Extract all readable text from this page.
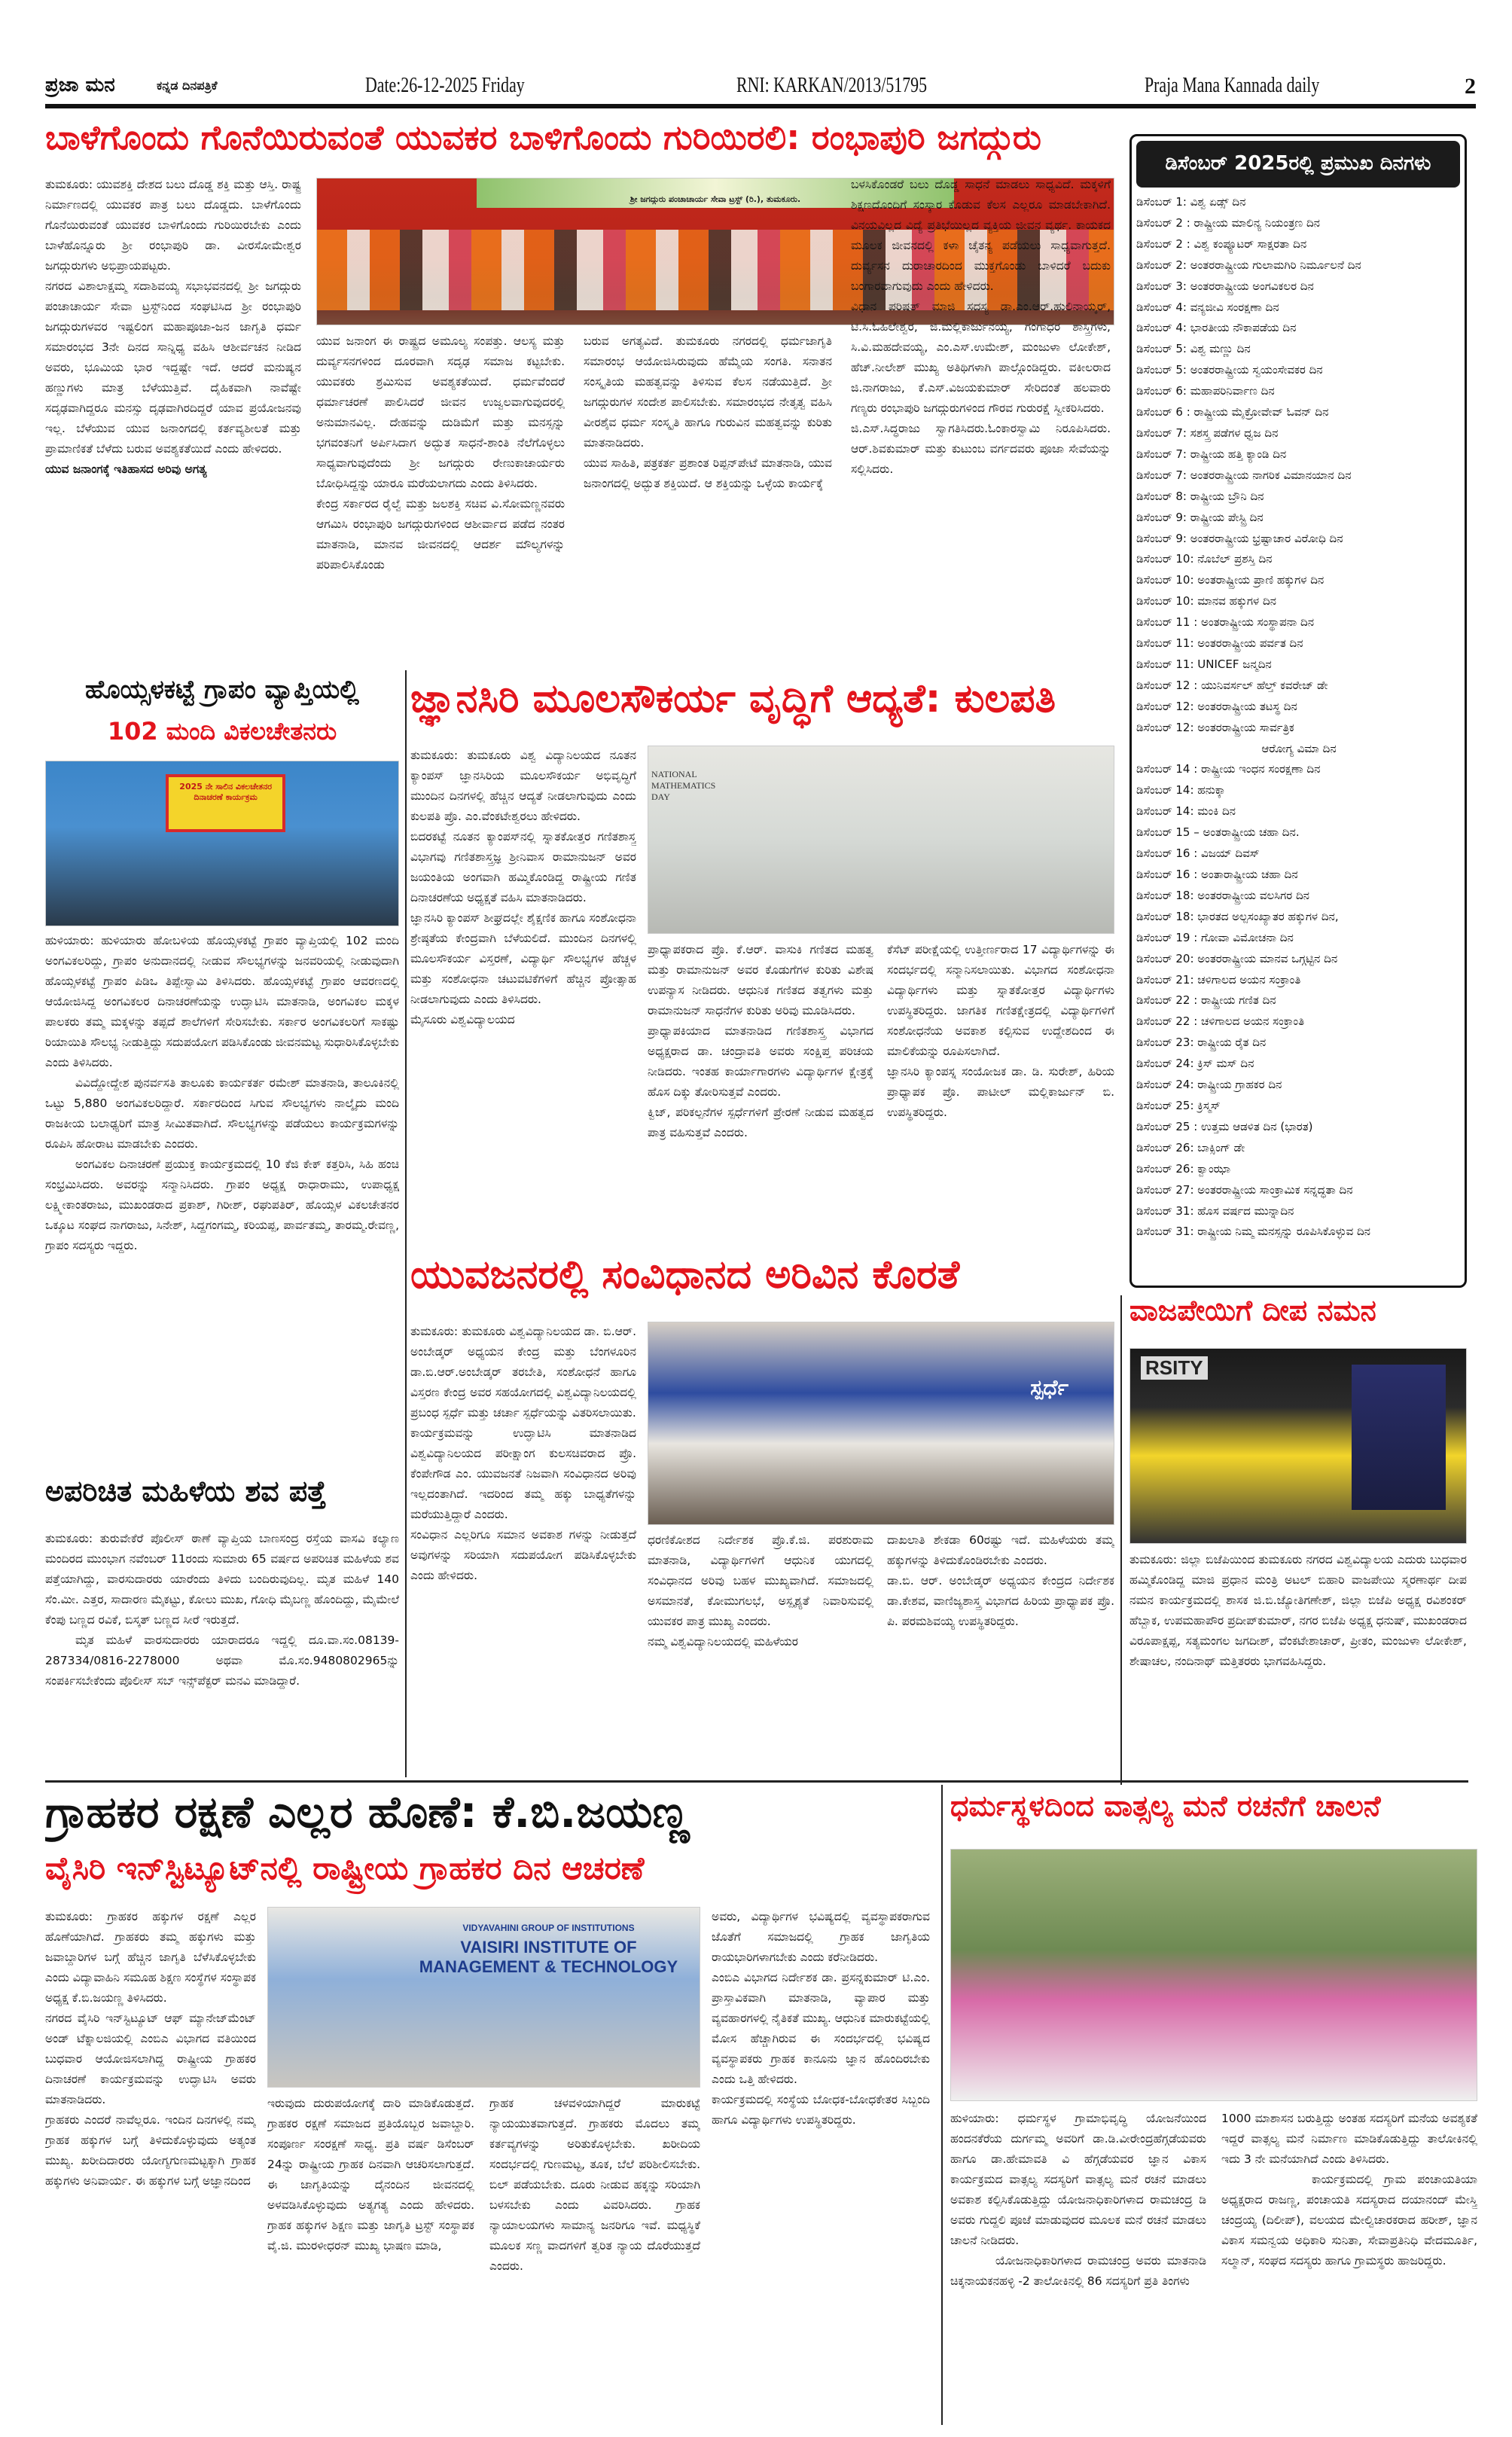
ಪ್ರಜಾ ಮನ	ಕನ್ನಡ ದಿನಪತ್ರಿಕೆ	Date:26-12-2025 Friday	RNI: KARKAN/2013/51795	Praja Mana Kannada daily	2
ಬಾಳೆಗೊಂದು ಗೊನೆಯಿರುವಂತೆ ಯುವಕರ ಬಾಳಿಗೊಂದು ಗುರಿಯಿರಲಿ: ರಂಭಾಪುರಿ ಜಗದ್ಗುರು

ತುಮಕೂರು: ಯುವಶಕ್ತಿ ದೇಶದ ಬಲು ದೊಡ್ಡ ಶಕ್ತಿ ಮತ್ತು ಆಸ್ತಿ. ರಾಷ್ಟ್ರ ನಿರ್ಮಾಣದಲ್ಲಿ ಯುವಕರ ಪಾತ್ರ ಬಲು ದೊಡ್ಡದು. ಬಾಳೆಗೊಂದು ಗೊನೆಯಿರುವಂತೆ ಯುವಕರ ಬಾಳಿಗೊಂದು ಗುರಿಯಿರಬೇಕು ಎಂದು ಬಾಳೆಹೊನ್ನೂರು ಶ್ರೀ ರಂಭಾಪುರಿ ಡಾ. ವೀರಸೋಮೇಶ್ವರ ಜಗದ್ಗುರುಗಳು ಅಭಿಪ್ರಾಯಪಟ್ಟರು.

ನಗರದ ವಿಶಾಲಾಕ್ಷಮ್ಮ ಸದಾಶಿವಯ್ಯ ಸಭಾಭವನದಲ್ಲಿ ಶ್ರೀ ಜಗದ್ಗುರು ಪಂಚಾಚಾರ್ಯ ಸೇವಾ ಟ್ರಸ್ಟ್‌ನಿಂದ ಸಂಘಟಿಸಿದ ಶ್ರೀ ರಂಭಾಪುರಿ ಜಗದ್ಗುರುಗಳವರ ಇಷ್ಟಲಿಂಗ ಮಹಾಪೂಜಾ-ಜನ ಜಾಗೃತಿ ಧರ್ಮ ಸಮಾರಂಭದ 3ನೇ ದಿನದ ಸಾನ್ನಿಧ್ಯ ವಹಿಸಿ ಆಶೀರ್ವಚನ ನೀಡಿದ ಅವರು, ಭೂಮಿಯ ಭಾರ ಇದ್ದಷ್ಟೇ ಇದೆ. ಆದರೆ ಮನುಷ್ಯನ ಹಣ್ಣುಗಳು ಮಾತ್ರ ಬೆಳೆಯುತ್ತಿವೆ. ದೈಹಿಕವಾಗಿ ನಾವೆಷ್ಟೇ ಸದೃಢವಾಗಿದ್ದರೂ ಮನಸ್ಸು ದೃಢವಾಗಿರದಿದ್ದರೆ ಯಾವ ಪ್ರಯೋಜನವು ಇಲ್ಲ. ಬೆಳೆಯುವ ಯುವ ಜನಾಂಗದಲ್ಲಿ ಕರ್ತವ್ಯಶೀಲತೆ ಮತ್ತು ಪ್ರಾಮಾಣಿಕತೆ ಬೆಳೆದು ಬರುವ ಅವಶ್ಯಕತೆಯಿದೆ ಎಂದು ಹೇಳಿದರು.

ಯುವ ಜನಾಂಗಕ್ಕೆ ಇತಿಹಾಸದ ಅರಿವು ಅಗತ್ಯ

ಶ್ರೀ ಜಗದ್ಗುರು ಪಂಚಾಚಾರ್ಯ ಸೇವಾ ಟ್ರಸ್ಟ್ (ರಿ.), ತುಮಕೂರು.

ಯುವ ಜನಾಂಗ ಈ ರಾಷ್ಟ್ರದ ಅಮೂಲ್ಯ ಸಂಪತ್ತು. ಆಲಸ್ಯ ಮತ್ತು ದುರ್ವ್ಯಸನಗಳಿಂದ ದೂರವಾಗಿ ಸದೃಢ ಸಮಾಜ ಕಟ್ಟಬೇಕು. ಯುವಕರು ಶ್ರಮಿಸುವ ಅವಶ್ಯಕತೆಯಿದೆ. ಧರ್ಮವೆಂದರೆ ಧರ್ಮಾಚರಣೆ ಪಾಲಿಸಿದರೆ ಜೀವನ ಉಜ್ವಲವಾಗುವುದರಲ್ಲಿ ಅನುಮಾನವಿಲ್ಲ. ದೇಹವನ್ನು ದುಡಿಮೆಗೆ ಮತ್ತು ಮನಸ್ಸನ್ನು ಭಗವಂತನಿಗೆ ಅರ್ಪಿಸಿದಾಗ ಅದ್ಭುತ ಸಾಧನೆ-ಶಾಂತಿ ನೆಲೆಗೊಳ್ಳಲು ಸಾಧ್ಯವಾಗುವುದೆಂದು ಶ್ರೀ ಜಗದ್ಗುರು ರೇಣುಕಾಚಾರ್ಯರು ಬೋಧಿಸಿದ್ದನ್ನು ಯಾರೂ ಮರೆಯಲಾಗದು ಎಂದು ತಿಳಿಸಿದರು.

ಕೇಂದ್ರ ಸರ್ಕಾರದ ರೈಲ್ವೆ ಮತ್ತು ಜಲಶಕ್ತಿ ಸಚಿವ ವಿ.ಸೋಮಣ್ಣನವರು ಆಗಮಿಸಿ ರಂಭಾಪುರಿ ಜಗದ್ಗುರುಗಳಿಂದ ಆಶೀರ್ವಾದ ಪಡೆದ ನಂತರ ಮಾತನಾಡಿ, ಮಾನವ ಜೀವನದಲ್ಲಿ ಆದರ್ಶ ಮೌಲ್ಯಗಳನ್ನು ಪರಿಪಾಲಿಸಿಕೊಂಡು

ಬರುವ ಅಗತ್ಯವಿದೆ. ತುಮಕೂರು ನಗರದಲ್ಲಿ ಧರ್ಮಜಾಗೃತಿ ಸಮಾರಂಭ ಆಯೋಜಿಸಿರುವುದು ಹೆಮ್ಮೆಯ ಸಂಗತಿ. ಸನಾತನ ಸಂಸ್ಕೃತಿಯ ಮಹತ್ವವನ್ನು ತಿಳಿಸುವ ಕೆಲಸ ನಡೆಯುತ್ತಿದೆ. ಶ್ರೀ ಜಗದ್ಗುರುಗಳ ಸಂದೇಶ ಪಾಲಿಸಬೇಕು. ಸಮಾರಂಭದ ನೇತೃತ್ವ ವಹಿಸಿ ವೀರಶೈವ ಧರ್ಮ ಸಂಸ್ಕೃತಿ ಹಾಗೂ ಗುರುವಿನ ಮಹತ್ವವನ್ನು ಕುರಿತು ಮಾತನಾಡಿದರು.

ಯುವ ಸಾಹಿತಿ, ಪತ್ರಕರ್ತ ಪ್ರಶಾಂತ ರಿಪ್ಪನ್‌ಪೇಟೆ ಮಾತನಾಡಿ, ಯುವ ಜನಾಂಗದಲ್ಲಿ ಅದ್ಭುತ ಶಕ್ತಿಯಿದೆ. ಆ ಶಕ್ತಿಯನ್ನು ಒಳ್ಳೆಯ ಕಾರ್ಯಕ್ಕೆ

ಬಳಸಿಕೊಂಡರೆ ಬಲು ದೊಡ್ಡ ಸಾಧನೆ ಮಾಡಲು ಸಾಧ್ಯವಿದೆ. ಮಕ್ಕಳಿಗೆ ಶಿಕ್ಷಣದೊಂದಿಗೆ ಸಂಸ್ಕಾರ ಕೊಡುವ ಕೆಲಸ ಎಲ್ಲರೂ ಮಾಡಬೇಕಾಗಿದೆ. ವಿನಯವಿಲ್ಲದ ವಿದ್ಯೆ ಪ್ರತಿಭೆಯಿಲ್ಲದ ವ್ಯಕ್ತಿಯ ಜೀವನ ವ್ಯರ್ಥ. ಕಾಯಕದ ಮೂಲಕ ಜೀವನದಲ್ಲಿ ಕಳಾ ಚೈತನ್ಯ ಪಡೆಯಲು ಸಾಧ್ಯವಾಗುತ್ತದೆ. ದುರ್ವ್ಯಸನ ದುರಾಚಾರದಿಂದ ಮುಕ್ತಗೊಂಡು ಬಾಳಿದರೆ ಬದುಕು ಬಂಗಾರವಾಗುವುದು ಎಂದು ಹೇಳಿದರು.

ವಿಧಾನ ಪರಿಷತ್ ಮಾಜಿ ಸದಸ್ಯ ಡಾ.ಎಂ.ಆರ್.ಹುಲಿನಾಯ್ಕರ್, ಟಿ.ಸಿ.ಓಹಿಲೇಶ್ವರ, ಜಿ.ಮಲ್ಲಿಕಾರ್ಜುನಯ್ಯ, ಗಂಗಾಧರ ಶಾಸ್ತ್ರಿಗಳು, ಸಿ.ವಿ.ಮಹದೇವಯ್ಯ, ಎಂ.ಎಸ್.ಉಮೇಶ್, ಮಂಜುಳಾ ಲೋಕೇಶ್, ಹೆಚ್.ನೀಲೇಶ್ ಮುಖ್ಯ ಅತಿಥಿಗಳಾಗಿ ಪಾಲ್ಗೊಂಡಿದ್ದರು. ವಕೀಲರಾದ ಜಿ.ನಾಗರಾಜು, ಕೆ.ಎಸ್.ವಿಜಯಕುಮಾರ್ ಸೇರಿದಂತೆ ಹಲವಾರು ಗಣ್ಯರು ರಂಭಾಪುರಿ ಜಗದ್ಗುರುಗಳಿಂದ ಗೌರವ ಗುರುರಕ್ಷೆ ಸ್ವೀಕರಿಸಿದರು.

ಜಿ.ಎಸ್.ಸಿದ್ಧರಾಜು ಸ್ವಾಗತಿಸಿದರು.ಓಂಕಾರಸ್ವಾಮಿ ನಿರೂಪಿಸಿದರು. ಆರ್.ಶಿವಕುಮಾರ್ ಮತ್ತು ಕುಟುಂಬ ವರ್ಗದವರು ಪೂಜಾ ಸೇವೆಯನ್ನು ಸಲ್ಲಿಸಿದರು.

ಡಿಸೆಂಬರ್ 2025ರಲ್ಲಿ ಪ್ರಮುಖ ದಿನಗಳು
ಡಿಸೆಂಬರ್ 1: ವಿಶ್ವ ಏಡ್ಸ್ ದಿನ
ಡಿಸೆಂಬರ್ 2 : ರಾಷ್ಟ್ರೀಯ ಮಾಲಿನ್ಯ ನಿಯಂತ್ರಣ ದಿನ
ಡಿಸೆಂಬರ್ 2 : ವಿಶ್ವ ಕಂಪ್ಯೂಟರ್ ಸಾಕ್ಷರತಾ ದಿನ
ಡಿಸೆಂಬರ್ 2: ಅಂತರರಾಷ್ಟ್ರೀಯ ಗುಲಾಮಗಿರಿ ನಿರ್ಮೂಲನೆ ದಿನ
ಡಿಸೆಂಬರ್ 3: ಅಂತರರಾಷ್ಟ್ರೀಯ ಅಂಗವಿಕಲರ ದಿನ
ಡಿಸೆಂಬರ್ 4: ವನ್ಯಜೀವಿ ಸಂರಕ್ಷಣಾ ದಿನ
ಡಿಸೆಂಬರ್ 4: ಭಾರತೀಯ ನೌಕಾಪಡೆಯ ದಿನ
ಡಿಸೆಂಬರ್ 5: ವಿಶ್ವ ಮಣ್ಣು ದಿನ
ಡಿಸೆಂಬರ್ 5: ಅಂತರರಾಷ್ಟ್ರೀಯ ಸ್ವಯಂಸೇವಕರ ದಿನ
ಡಿಸೆಂಬರ್ 6: ಮಹಾಪರಿನಿರ್ವಾಣ ದಿನ
ಡಿಸೆಂಬರ್ 6 : ರಾಷ್ಟ್ರೀಯ ಮೈಕ್ರೋವೇವ್ ಓವನ್ ದಿನ
ಡಿಸೆಂಬರ್ 7: ಸಶಸ್ತ್ರ ಪಡೆಗಳ ಧ್ವಜ ದಿನ
ಡಿಸೆಂಬರ್ 7: ರಾಷ್ಟ್ರೀಯ ಹತ್ತಿ ಕ್ಯಾಂಡಿ ದಿನ
ಡಿಸೆಂಬರ್ 7: ಅಂತರರಾಷ್ಟ್ರೀಯ ನಾಗರಿಕ ವಿಮಾನಯಾನ ದಿನ
ಡಿಸೆಂಬರ್ 8: ರಾಷ್ಟ್ರೀಯ ಬ್ರೌನಿ ದಿನ
ಡಿಸೆಂಬರ್ 9: ರಾಷ್ಟ್ರೀಯ ಪೇಸ್ಟ್ರಿ ದಿನ
ಡಿಸೆಂಬರ್ 9: ಅಂತರರಾಷ್ಟ್ರೀಯ ಭ್ರಷ್ಟಾಚಾರ ವಿರೋಧಿ ದಿನ
ಡಿಸೆಂಬರ್ 10: ನೊಬೆಲ್ ಪ್ರಶಸ್ತಿ ದಿನ
ಡಿಸೆಂಬರ್ 10: ಅಂತರಾಷ್ಟ್ರೀಯ ಪ್ರಾಣಿ ಹಕ್ಕುಗಳ ದಿನ
ಡಿಸೆಂಬರ್ 10: ಮಾನವ ಹಕ್ಕುಗಳ ದಿನ
ಡಿಸೆಂಬರ್ 11 : ಅಂತರಾಷ್ಟ್ರೀಯ ಸಂಸ್ಥಾಪನಾ ದಿನ
ಡಿಸೆಂಬರ್ 11: ಅಂತರರಾಷ್ಟ್ರೀಯ ಪರ್ವತ ದಿನ
ಡಿಸೆಂಬರ್ 11: UNICEF ಜನ್ಮದಿನ
ಡಿಸೆಂಬರ್ 12 : ಯುನಿವರ್ಸಲ್ ಹೆಲ್ತ್ ಕವರೇಜ್ ಡೇ
ಡಿಸೆಂಬರ್ 12: ಅಂತರರಾಷ್ಟ್ರೀಯ ತಟಸ್ಥ ದಿನ
ಡಿಸೆಂಬರ್ 12: ಅಂತರರಾಷ್ಟ್ರೀಯ ಸಾರ್ವತ್ರಿಕ
ಆರೋಗ್ಯ ವಿಮಾ ದಿನ
ಡಿಸೆಂಬರ್ 14 : ರಾಷ್ಟ್ರೀಯ ಇಂಧನ ಸಂರಕ್ಷಣಾ ದಿನ
ಡಿಸೆಂಬರ್ 14: ಹನುಕ್ಕಾ
ಡಿಸೆಂಬರ್ 14: ಮಂಕಿ ದಿನ
ಡಿಸೆಂಬರ್ 15 – ಅಂತರಾಷ್ಟ್ರೀಯ ಚಹಾ ದಿನ.
ಡಿಸೆಂಬರ್ 16 : ವಿಜಯ್ ದಿವಸ್
ಡಿಸೆಂಬರ್ 16 : ಅಂತಾರಾಷ್ಟ್ರೀಯ ಚಹಾ ದಿನ
ಡಿಸೆಂಬರ್ 18: ಅಂತರರಾಷ್ಟ್ರೀಯ ವಲಸಿಗರ ದಿನ
ಡಿಸೆಂಬರ್ 18: ಭಾರತದ ಅಲ್ಪಸಂಖ್ಯಾತರ ಹಕ್ಕುಗಳ ದಿನ,
ಡಿಸೆಂಬರ್ 19 : ಗೋವಾ ವಿಮೋಚನಾ ದಿನ
ಡಿಸೆಂಬರ್ 20: ಅಂತರರಾಷ್ಟ್ರೀಯ ಮಾನವ ಒಗ್ಗಟ್ಟಿನ ದಿನ
ಡಿಸೆಂಬರ್ 21: ಚಳಿಗಾಲದ ಅಯನ ಸಂಕ್ರಾಂತಿ
ಡಿಸೆಂಬರ್ 22 : ರಾಷ್ಟ್ರೀಯ ಗಣಿತ ದಿನ
ಡಿಸೆಂಬರ್ 22 : ಚಳಿಗಾಲದ ಅಯನ ಸಂಕ್ರಾಂತಿ
ಡಿಸೆಂಬರ್ 23: ರಾಷ್ಟ್ರೀಯ ರೈತ ದಿನ
ಡಿಸೆಂಬರ್ 24: ಕ್ರಿಸ್ ಮಸ್ ದಿನ
ಡಿಸೆಂಬರ್ 24: ರಾಷ್ಟ್ರೀಯ ಗ್ರಾಹಕರ ದಿನ
ಡಿಸೆಂಬರ್ 25: ಕ್ರಿಸ್ಮಸ್
ಡಿಸೆಂಬರ್ 25 : ಉತ್ತಮ ಆಡಳಿತ ದಿನ (ಭಾರತ)
ಡಿಸೆಂಬರ್ 26: ಬಾಕ್ಸಿಂಗ್ ಡೇ
ಡಿಸೆಂಬರ್ 26: ಕ್ವಾಂಝಾ
ಡಿಸೆಂಬರ್ 27: ಅಂತರರಾಷ್ಟ್ರೀಯ ಸಾಂಕ್ರಾಮಿಕ ಸನ್ನದ್ಧತಾ ದಿನ
ಡಿಸೆಂಬರ್ 31: ಹೊಸ ವರ್ಷದ ಮುನ್ನಾದಿನ
ಡಿಸೆಂಬರ್ 31: ರಾಷ್ಟ್ರೀಯ ನಿಮ್ಮ ಮನಸ್ಸನ್ನು ರೂಪಿಸಿಕೊಳ್ಳುವ ದಿನ
ಹೊಯ್ಸಳಕಟ್ಟೆ ಗ್ರಾಪಂ ವ್ಯಾಪ್ತಿಯಲ್ಲಿ
102 ಮಂದಿ ವಿಕಲಚೇತನರು
2025 ನೇ ಸಾಲಿನ ವಿಕಲಚೇತನರ ದಿನಾಚರಣೆ ಕಾರ್ಯಕ್ರಮ

ಹುಳಿಯಾರು: ಹುಳಿಯಾರು ಹೋಬಳಿಯ ಹೊಯ್ಸಳಕಟ್ಟೆ ಗ್ರಾಪಂ ವ್ಯಾಪ್ತಿಯಲ್ಲಿ 102 ಮಂದಿ ಅಂಗವಿಕಲರಿದ್ದು, ಗ್ರಾಪಂ ಅನುದಾನದಲ್ಲಿ ನೀಡುವ ಸೌಲಭ್ಯಗಳನ್ನು ಜನವರಿಯಲ್ಲಿ ನೀಡುವುದಾಗಿ ಹೊಯ್ಸಳಕಟ್ಟೆ ಗ್ರಾಪಂ ಪಿಡಿಒ ತಿಪ್ಪೇಸ್ವಾಮಿ ತಿಳಿಸಿದರು. ಹೊಯ್ಸಳಕಟ್ಟೆ ಗ್ರಾಪಂ ಆವರಣದಲ್ಲಿ ಆಯೋಜಿಸಿದ್ದ ಅಂಗವಿಕಲರ ದಿನಾಚರಣೆಯನ್ನು ಉದ್ಘಾಟಿಸಿ ಮಾತನಾಡಿ, ಅಂಗವಿಕಲ ಮಕ್ಕಳ ಪಾಲಕರು ತಮ್ಮ ಮಕ್ಕಳನ್ನು ತಪ್ಪದೆ ಶಾಲೆಗಳಿಗೆ ಸೇರಿಸಬೇಕು. ಸರ್ಕಾರ ಅಂಗವಿಕಲರಿಗೆ ಸಾಕಷ್ಟು ರಿಯಾಯಿತಿ ಸೌಲಭ್ಯ ನೀಡುತ್ತಿದ್ದು ಸದುಪಯೋಗ ಪಡಿಸಿಕೊಂಡು ಜೀವನಮಟ್ಟ ಸುಧಾರಿಸಿಕೊಳ್ಳಬೇಕು ಎಂದು ತಿಳಿಸಿದರು.

ವಿವಿದ್ದೋದ್ದೇಶ ಪುನರ್ವಸತಿ ತಾಲೂಕು ಕಾರ್ಯಕರ್ತ ರಮೇಶ್ ಮಾತನಾಡಿ, ತಾಲೂಕಿನಲ್ಲಿ ಒಟ್ಟು 5,880 ಅಂಗವಿಕಲರಿದ್ದಾರೆ. ಸರ್ಕಾರದಿಂದ ಸಿಗುವ ಸೌಲಭ್ಯಗಳು ನಾಲ್ಕೈದು ಮಂದಿ ರಾಜಕೀಯ ಬಲಾಢ್ಯರಿಗೆ ಮಾತ್ರ ಸೀಮಿತವಾಗಿದೆ. ಸೌಲಭ್ಯಗಳನ್ನು ಪಡೆಯಲು ಕಾರ್ಯಕ್ರಮಗಳನ್ನು ರೂಪಿಸಿ ಹೋರಾಟ ಮಾಡಬೇಕು ಎಂದರು.

ಅಂಗವಿಕಲ ದಿನಾಚರಣೆ ಪ್ರಯುಕ್ತ ಕಾರ್ಯಕ್ರಮದಲ್ಲಿ 10 ಕೆಜಿ ಕೇಕ್ ಕತ್ತರಿಸಿ, ಸಿಹಿ ಹಂಚಿ ಸಂಭ್ರಮಿಸಿದರು. ಅವರನ್ನು ಸನ್ಮಾನಿಸಿದರು. ಗ್ರಾಪಂ ಅಧ್ಯಕ್ಷ ರಾಧಾರಾಮು, ಉಪಾಧ್ಯಕ್ಷ ಲಕ್ಷ್ಮೀಕಾಂತರಾಜು, ಮುಖಂಡರಾದ ಪ್ರಕಾಶ್, ಗಿರೀಶ್, ರಘುಪತಿರ್, ಹೊಯ್ಸಳ ವಿಕಲಚೇತನರ ಒಕ್ಕೂಟ ಸಂಘದ ನಾಗರಾಜು, ಸಿನೇಶ್, ಸಿದ್ದಗಂಗಮ್ಮ, ಕರಿಯಪ್ಪ, ಪಾರ್ವತಮ್ಮ, ತಾರಮ್ಮ.ರೇವಣ್ಣ, ಗ್ರಾಪಂ ಸದಸ್ಯರು ಇದ್ದರು.

ಅಪರಿಚಿತ ಮಹಿಳೆಯ ಶವ ಪತ್ತೆ

ತುಮಕೂರು: ತುರುವೇಕೆರೆ ಪೊಲೀಸ್ ಠಾಣೆ ವ್ಯಾಪ್ತಿಯ ಬಾಣಸಂದ್ರ ರಸ್ತೆಯ ವಾಸವಿ ಕಲ್ಯಾಣ ಮಂದಿರದ ಮುಂಭಾಗ ನವೆಂಬರ್ 11ರಂದು ಸುಮಾರು 65 ವರ್ಷದ ಅಪರಿಚಿತ ಮಹಿಳೆಯ ಶವ ಪತ್ತೆಯಾಗಿದ್ದು, ವಾರಸುದಾರರು ಯಾರೆಂದು ತಿಳಿದು ಬಂದಿರುವುದಿಲ್ಲ. ಮೃತ ಮಹಿಳೆ 140 ಸೆಂ.ಮೀ. ಎತ್ತರ, ಸಾದಾರಣ ಮೈಕಟ್ಟು, ಕೋಲು ಮುಖ, ಗೋಧಿ ಮೈಬಣ್ಣ ಹೊಂದಿದ್ದು, ಮೈಮೇಲೆ ಕೆಂಪು ಬಣ್ಣದ ರವಿಕೆ, ಬಿಸ್ಕತ್ ಬಣ್ಣದ ಸೀರೆ ಇರುತ್ತದೆ.

ಮೃತ ಮಹಿಳೆ ವಾರಸುದಾರರು ಯಾರಾದರೂ ಇದ್ದಲ್ಲಿ ದೂ.ವಾ.ಸಂ.08139-287334/0816-2278000 ಅಥವಾ ಮೊ.ಸಂ.9480802965ನ್ನು ಸಂಪರ್ಕಿಸಬೇಕೆಂದು ಪೊಲೀಸ್ ಸಬ್ ಇನ್ಸ್‌ಪೆಕ್ಟರ್ ಮನವಿ ಮಾಡಿದ್ದಾರೆ.

ಜ್ಞಾನಸಿರಿ ಮೂಲಸೌಕರ್ಯ ವೃದ್ಧಿಗೆ ಆದ್ಯತೆ: ಕುಲಪತಿ

ತುಮಕೂರು: ತುಮಕೂರು ವಿಶ್ವ ವಿದ್ಯಾನಿಲಯದ ನೂತನ ಕ್ಯಾಂಪಸ್ ಜ್ಞಾನಸಿರಿಯ ಮೂಲಸೌಕರ್ಯ ಅಭಿವೃದ್ಧಿಗೆ ಮುಂದಿನ ದಿನಗಳಲ್ಲಿ ಹೆಚ್ಚಿನ ಆದ್ಯತೆ ನೀಡಲಾಗುವುದು ಎಂದು ಕುಲಪತಿ ಪ್ರೊ. ಎಂ.ವೆಂಕಟೇಶ್ವರಲು ಹೇಳಿದರು.

ಬಿದರಕಟ್ಟೆ ನೂತನ ಕ್ಯಾಂಪಸ್‌ನಲ್ಲಿ ಸ್ನಾತಕೋತ್ತರ ಗಣಿತಶಾಸ್ತ್ರ ವಿಭಾಗವು ಗಣಿತಶಾಸ್ತ್ರಜ್ಞ ಶ್ರೀನಿವಾಸ ರಾಮಾನುಜನ್ ಅವರ ಜಯಂತಿಯ ಅಂಗವಾಗಿ ಹಮ್ಮಿಕೊಂಡಿದ್ದ ರಾಷ್ಟ್ರೀಯ ಗಣಿತ ದಿನಾಚರಣೆಯ ಅಧ್ಯಕ್ಷತೆ ವಹಿಸಿ ಮಾತನಾಡಿದರು.

ಜ್ಞಾನಸಿರಿ ಕ್ಯಾಂಪಸ್ ಶೀಘ್ರದಲ್ಲೇ ಶೈಕ್ಷಣಿಕ ಹಾಗೂ ಸಂಶೋಧನಾ ಶ್ರೇಷ್ಠತೆಯ ಕೇಂದ್ರವಾಗಿ ಬೆಳೆಯಲಿದೆ. ಮುಂದಿನ ದಿನಗಳಲ್ಲಿ ಮೂಲಸೌಕರ್ಯ ವಿಸ್ತರಣೆ, ವಿದ್ಯಾರ್ಥಿ ಸೌಲಭ್ಯಗಳ ಹೆಚ್ಚಳ ಮತ್ತು ಸಂಶೋಧನಾ ಚಟುವಟಿಕೆಗಳಿಗೆ ಹೆಚ್ಚಿನ ಪ್ರೋತ್ಸಾಹ ನೀಡಲಾಗುವುದು ಎಂದು ತಿಳಿಸಿದರು.

ಮೈಸೂರು ವಿಶ್ವವಿದ್ಯಾಲಯದ

NATIONAL MATHEMATICS DAY

ಪ್ರಾಧ್ಯಾಪಕರಾದ ಪ್ರೊ. ಕೆ.ಆರ್. ವಾಸುಕಿ ಗಣಿತದ ಮಹತ್ವ ಮತ್ತು ರಾಮಾನುಜನ್ ಅವರ ಕೊಡುಗೆಗಳ ಕುರಿತು ವಿಶೇಷ ಉಪನ್ಯಾಸ ನೀಡಿದರು. ಆಧುನಿಕ ಗಣಿತದ ತತ್ವಗಳು ಮತ್ತು ರಾಮಾನುಜನ್ ಸಾಧನೆಗಳ ಕುರಿತು ಅರಿವು ಮೂಡಿಸಿದರು.

ಪ್ರಾಧ್ಯಾಪಕಿಯಾದ ಮಾತನಾಡಿದ ಗಣಿತಶಾಸ್ತ್ರ ವಿಭಾಗದ ಅಧ್ಯಕ್ಷರಾದ ಡಾ. ಚಂದ್ರಾವತಿ ಅವರು ಸಂಕ್ಷಿಪ್ತ ಪರಿಚಯ ನೀಡಿದರು. ಇಂತಹ ಕಾರ್ಯಾಗಾರಗಳು ವಿದ್ಯಾರ್ಥಿಗಳ ಕ್ಷೇತ್ರಕ್ಕೆ ಹೊಸ ದಿಕ್ಕು ತೋರಿಸುತ್ತವೆ ಎಂದರು.

ಕ್ವಿಜ್, ಪರಿಕಲ್ಪನೆಗಳ ಸ್ಪರ್ಧೆಗಳಿಗೆ ಪ್ರೇರಣೆ ನೀಡುವ ಮಹತ್ವದ ಪಾತ್ರ ವಹಿಸುತ್ತವೆ ಎಂದರು.

ಕೆಸೆಟ್ ಪರೀಕ್ಷೆಯಲ್ಲಿ ಉತ್ತೀರ್ಣರಾದ 17 ವಿದ್ಯಾರ್ಥಿಗಳನ್ನು ಈ ಸಂದರ್ಭದಲ್ಲಿ ಸನ್ಮಾನಿಸಲಾಯಿತು. ವಿಭಾಗದ ಸಂಶೋಧನಾ ವಿದ್ಯಾರ್ಥಿಗಳು ಮತ್ತು ಸ್ನಾತಕೋತ್ತರ ವಿದ್ಯಾರ್ಥಿಗಳು ಉಪಸ್ಥಿತರಿದ್ದರು. ಜಾಗತಿಕ ಗಣಿತಕ್ಷೇತ್ರದಲ್ಲಿ ವಿದ್ಯಾರ್ಥಿಗಳಿಗೆ ಸಂಶೋಧನೆಯ ಅವಕಾಶ ಕಲ್ಪಿಸುವ ಉದ್ದೇಶದಿಂದ ಈ ಮಾಲಿಕೆಯನ್ನು ರೂಪಿಸಲಾಗಿದೆ.

ಜ್ಞಾನಸಿರಿ ಕ್ಯಾಂಪಸ್ನ ಸಂಯೋಜಕ ಡಾ. ಡಿ. ಸುರೇಶ್, ಹಿರಿಯ ಪ್ರಾಧ್ಯಾಪಕ ಪ್ರೊ. ಪಾಟೀಲ್ ಮಲ್ಲಿಕಾರ್ಜುನ್ ಬಿ. ಉಪಸ್ಥಿತರಿದ್ದರು.

ಯುವಜನರಲ್ಲಿ ಸಂವಿಧಾನದ ಅರಿವಿನ ಕೊರತೆ

ತುಮಕೂರು: ತುಮಕೂರು ವಿಶ್ವವಿದ್ಯಾನಿಲಯದ ಡಾ. ಬಿ.ಆರ್. ಅಂಬೇಡ್ಕರ್ ಅಧ್ಯಯನ ಕೇಂದ್ರ ಮತ್ತು ಬೆಂಗಳೂರಿನ ಡಾ.ಬಿ.ಆರ್.ಅಂಬೇಡ್ಕರ್ ತರಬೇತಿ, ಸಂಶೋಧನೆ ಹಾಗೂ ವಿಸ್ತರಣ ಕೇಂದ್ರ ಅವರ ಸಹಯೋಗದಲ್ಲಿ ವಿಶ್ವವಿದ್ಯಾನಿಲಯದಲ್ಲಿ ಪ್ರಬಂಧ ಸ್ಪರ್ಧೆ ಮತ್ತು ಚರ್ಚಾ ಸ್ಪರ್ಧೆಯನ್ನು ವಿತರಿಸಲಾಯಿತು.

ಕಾರ್ಯಕ್ರಮವನ್ನು ಉದ್ಘಾಟಿಸಿ ಮಾತನಾಡಿದ ವಿಶ್ವವಿದ್ಯಾನಿಲಯದ ಪರೀಕ್ಷಾಂಗ ಕುಲಸಚಿವರಾದ ಪ್ರೊ. ಕೆಂಪೇಗೌಡ ಎಂ. ಯುವಜನತೆ ನಿಜವಾಗಿ ಸಂವಿಧಾನದ ಅರಿವು ಇಲ್ಲದಂತಾಗಿದೆ. ಇದರಿಂದ ತಮ್ಮ ಹಕ್ಕು ಬಾಧ್ಯತೆಗಳನ್ನು ಮರೆಯುತ್ತಿದ್ದಾರೆ ಎಂದರು.

ಸಂವಿಧಾನ ಎಲ್ಲರಿಗೂ ಸಮಾನ ಅವಕಾಶ ಗಳನ್ನು ನೀಡುತ್ತದೆ ಅವುಗಳನ್ನು ಸರಿಯಾಗಿ ಸದುಪಯೋಗ ಪಡಿಸಿಕೊಳ್ಳಬೇಕು ಎಂದು ಹೇಳಿದರು.

ಸ್ಪರ್ಧೆ

ಧರಣಿಕೋಶದ ನಿರ್ದೇಶಕ ಪ್ರೊ.ಕೆ.ಜಿ. ಪರಶುರಾಮ ಮಾತನಾಡಿ, ವಿದ್ಯಾರ್ಥಿಗಳಿಗೆ ಆಧುನಿಕ ಯುಗದಲ್ಲಿ ಸಂವಿಧಾನದ ಅರಿವು ಬಹಳ ಮುಖ್ಯವಾಗಿದೆ. ಸಮಾಜದಲ್ಲಿ ಅಸಮಾನತೆ, ಕೋಮುಗಲಭೆ, ಅಸ್ಪೃಶ್ಯತೆ ನಿವಾರಿಸುವಲ್ಲಿ ಯುವಕರ ಪಾತ್ರ ಮುಖ್ಯ ಎಂದರು.

ನಮ್ಮ ವಿಶ್ವವಿದ್ಯಾನಿಲಯದಲ್ಲಿ ಮಹಿಳೆಯರ

ದಾಖಲಾತಿ ಶೇಕಡಾ 60ರಷ್ಟು ಇದೆ. ಮಹಿಳೆಯರು ತಮ್ಮ ಹಕ್ಕುಗಳನ್ನು ತಿಳಿದುಕೊಂಡಿರಬೇಕು ಎಂದರು.

ಡಾ.ಬಿ. ಆರ್. ಅಂಬೇಡ್ಕರ್ ಅಧ್ಯಯನ ಕೇಂದ್ರದ ನಿರ್ದೇಶಕ ಡಾ.ಕೇಶವ, ವಾಣಿಜ್ಯಶಾಸ್ತ್ರ ವಿಭಾಗದ ಹಿರಿಯ ಪ್ರಾಧ್ಯಾಪಕ ಪ್ರೊ. ಪಿ. ಪರಮಶಿವಯ್ಯ ಉಪಸ್ಥಿತರಿದ್ದರು.

ವಾಜಪೇಯಿಗೆ ದೀಪ ನಮನ
RSITY

ತುಮಕೂರು: ಜಿಲ್ಲಾ ಬಿಜೆಪಿಯಿಂದ ತುಮಕೂರು ನಗರದ ವಿಶ್ವವಿದ್ಯಾಲಯ ಎದುರು ಬುಧವಾರ ಹಮ್ಮಿಕೊಂಡಿದ್ದ ಮಾಜಿ ಪ್ರಧಾನ ಮಂತ್ರಿ ಅಟಲ್ ಬಿಹಾರಿ ವಾಜಪೇಯಿ ಸ್ಮರಣಾರ್ಥ ದೀಪ ನಮನ ಕಾರ್ಯಕ್ರಮದಲ್ಲಿ ಶಾಸಕ ಜಿ.ಬಿ.ಜ್ಯೋತಿಗಣೇಶ್, ಜಿಲ್ಲಾ ಬಿಜೆಪಿ ಅಧ್ಯಕ್ಷ ರವಿಶಂಕರ್ ಹೆಬ್ಬಾಕ, ಉಪಮಹಾಪೌರ ಪ್ರದೀಪ್‌ಕುಮಾರ್, ನಗರ ಬಿಜೆಪಿ ಅಧ್ಯಕ್ಷ ಧನುಷ್, ಮುಖಂಡರಾದ ವಿರೂಪಾಕ್ಷಪ್ಪ, ಸತ್ಯಮಂಗಲ ಜಗದೀಶ್, ವೆಂಕಟೇಶಾಚಾರ್, ಪ್ರೀತಂ, ಮಂಜುಳಾ ಲೋಕೇಶ್, ಶೇಷಾಚಲ, ನಂದಿನಾಥ್ ಮತ್ತಿತರರು ಭಾಗವಹಿಸಿದ್ದರು.

ಗ್ರಾಹಕರ ರಕ್ಷಣೆ ಎಲ್ಲರ ಹೊಣೆ: ಕೆ.ಬಿ.ಜಯಣ್ಣ
ವೈಸಿರಿ ಇನ್‌ಸ್ಟಿಟ್ಯೂಟ್‌ನಲ್ಲಿ ರಾಷ್ಟ್ರೀಯ ಗ್ರಾಹಕರ ದಿನ ಆಚರಣೆ

ತುಮಕೂರು: ಗ್ರಾಹಕರ ಹಕ್ಕುಗಳ ರಕ್ಷಣೆ ಎಲ್ಲರ ಹೊಣೆಯಾಗಿದೆ. ಗ್ರಾಹಕರು ತಮ್ಮ ಹಕ್ಕುಗಳು ಮತ್ತು ಜವಾಬ್ದಾರಿಗಳ ಬಗ್ಗೆ ಹೆಚ್ಚಿನ ಜಾಗೃತಿ ಬೆಳೆಸಿಕೊಳ್ಳಬೇಕು ಎಂದು ವಿದ್ಯಾವಾಹಿನಿ ಸಮೂಹ ಶಿಕ್ಷಣ ಸಂಸ್ಥೆಗಳ ಸಂಸ್ಥಾಪಕ ಅಧ್ಯಕ್ಷ ಕೆ.ಬಿ.ಜಯಣ್ಣ ತಿಳಿಸಿದರು.

ನಗರದ ವೈಸಿರಿ ಇನ್‌ಸ್ಟಿಟ್ಯೂಟ್ ಆಫ್ ಮ್ಯಾನೇಜ್‌ಮೆಂಟ್ ಅಂಡ್ ಟೆಕ್ನಾಲಜಿಯಲ್ಲಿ ಎಂಬಿಎ ವಿಭಾಗದ ವತಿಯಿಂದ ಬುಧವಾರ ಆಯೋಜಿಸಲಾಗಿದ್ದ ರಾಷ್ಟ್ರೀಯ ಗ್ರಾಹಕರ ದಿನಾಚರಣೆ ಕಾರ್ಯಕ್ರಮವನ್ನು ಉದ್ಘಾಟಿಸಿ ಅವರು ಮಾತನಾಡಿದರು.

ಗ್ರಾಹಕರು ಎಂದರೆ ನಾವೆಲ್ಲರೂ. ಇಂದಿನ ದಿನಗಳಲ್ಲಿ ನಮ್ಮ ಗ್ರಾಹಕ ಹಕ್ಕುಗಳ ಬಗ್ಗೆ ತಿಳಿದುಕೊಳ್ಳುವುದು ಅತ್ಯಂತ ಮುಖ್ಯ. ಖರೀದಿದಾರರು ಯೋಗ್ಯಗುಣಮಟ್ಟಕ್ಕಾಗಿ ಗ್ರಾಹಕ ಹಕ್ಕುಗಳು ಅನಿವಾರ್ಯ. ಈ ಹಕ್ಕುಗಳ ಬಗ್ಗೆ ಅಜ್ಞಾನದಿಂದ

VIDYAVAHINI GROUP OF INSTITUTIONS
VAISIRI INSTITUTE OF
MANAGEMENT & TECHNOLOGY

ಇರುವುದು ದುರುಪಯೋಗಕ್ಕೆ ದಾರಿ ಮಾಡಿಕೊಡುತ್ತದೆ. ಗ್ರಾಹಕರ ರಕ್ಷಣೆ ಸಮಾಜದ ಪ್ರತಿಯೊಬ್ಬರ ಜವಾಬ್ದಾರಿ. ಸಂಪೂರ್ಣ ಸಂರಕ್ಷಣೆ ಸಾಧ್ಯ. ಪ್ರತಿ ವರ್ಷ ಡಿಸೆಂಬರ್ 24ನ್ನು ರಾಷ್ಟ್ರೀಯ ಗ್ರಾಹಕ ದಿನವಾಗಿ ಆಚರಿಸಲಾಗುತ್ತದೆ. ಈ ಜಾಗೃತಿಯನ್ನು ದೈನಂದಿನ ಜೀವನದಲ್ಲಿ ಅಳವಡಿಸಿಕೊಳ್ಳುವುದು ಅತ್ಯಗತ್ಯ ಎಂದು ಹೇಳಿದರು. ಗ್ರಾಹಕ ಹಕ್ಕುಗಳ ಶಿಕ್ಷಣ ಮತ್ತು ಜಾಗೃತಿ ಟ್ರಸ್ಟ್ ಸಂಸ್ಥಾಪಕ ವೈ.ಜಿ. ಮುರಳೀಧರನ್ ಮುಖ್ಯ ಭಾಷಣ ಮಾಡಿ,

ಗ್ರಾಹಕ ಚಳವಳಿಯಾಗಿದ್ದರೆ ಮಾರುಕಟ್ಟೆ ನ್ಯಾಯಯುತವಾಗುತ್ತದೆ. ಗ್ರಾಹಕರು ಮೊದಲು ತಮ್ಮ ಕರ್ತವ್ಯಗಳನ್ನು ಅರಿತುಕೊಳ್ಳಬೇಕು. ಖರೀದಿಯ ಸಂದರ್ಭದಲ್ಲಿ ಗುಣಮಟ್ಟ, ತೂಕ, ಬೆಲೆ ಪರಿಶೀಲಿಸಬೇಕು. ಬಿಲ್ ಪಡೆಯಬೇಕು. ದೂರು ನೀಡುವ ಹಕ್ಕನ್ನು ಸರಿಯಾಗಿ ಬಳಸಬೇಕು ಎಂದು ವಿವರಿಸಿದರು. ಗ್ರಾಹಕ ನ್ಯಾಯಾಲಯಗಳು ಸಾಮಾನ್ಯ ಜನರಿಗೂ ಇವೆ. ಮಧ್ಯಸ್ಥಿಕೆ ಮೂಲಕ ಸಣ್ಣ ವಾದಗಳಿಗೆ ತ್ವರಿತ ನ್ಯಾಯ ದೊರೆಯುತ್ತದೆ ಎಂದರು.

ಅವರು, ವಿದ್ಯಾರ್ಥಿಗಳ ಭವಿಷ್ಯದಲ್ಲಿ ವ್ಯವಸ್ಥಾಪಕರಾಗುವ ಜೊತೆಗೆ ಸಮಾಜದಲ್ಲಿ ಗ್ರಾಹಕ ಜಾಗೃತಿಯ ರಾಯಭಾರಿಗಳಾಗಬೇಕು ಎಂದು ಕರೆನೀಡಿದರು.

ಎಂಬಿಎ ವಿಭಾಗದ ನಿರ್ದೇಶಕ ಡಾ. ಪ್ರಸನ್ನಕುಮಾರ್ ಟಿ.ಎಂ. ಪ್ರಾಸ್ತಾವಿಕವಾಗಿ ಮಾತನಾಡಿ, ವ್ಯಾಪಾರ ಮತ್ತು ವ್ಯವಹಾರಗಳಲ್ಲಿ ನೈತಿಕತೆ ಮುಖ್ಯ. ಆಧುನಿಕ ಮಾರುಕಟ್ಟೆಯಲ್ಲಿ ಮೋಸ ಹೆಚ್ಚಾಗಿರುವ ಈ ಸಂದರ್ಭದಲ್ಲಿ ಭವಿಷ್ಯದ ವ್ಯವಸ್ಥಾಪಕರು ಗ್ರಾಹಕ ಕಾನೂನು ಜ್ಞಾನ ಹೊಂದಿರಬೇಕು ಎಂದು ಒತ್ತಿ ಹೇಳಿದರು.

ಕಾರ್ಯಕ್ರಮದಲ್ಲಿ ಸಂಸ್ಥೆಯ ಬೋಧಕ-ಬೋಧಕೇತರ ಸಿಬ್ಬಂದಿ ಹಾಗೂ ವಿದ್ಯಾರ್ಥಿಗಳು ಉಪಸ್ಥಿತರಿದ್ದರು.

ಧರ್ಮಸ್ಥಳದಿಂದ ವಾತ್ಸಲ್ಯ ಮನೆ ರಚನೆಗೆ ಚಾಲನೆ

ಹುಳಿಯಾರು: ಧರ್ಮಸ್ಥಳ ಗ್ರಾಮಾಭಿವೃದ್ಧಿ ಯೋಜನೆಯಿಂದ ಹಂದನಕೆರೆಯ ದುರ್ಗಮ್ಮ ಅವರಿಗೆ ಡಾ.ಡಿ.ವೀರೇಂದ್ರಹೆಗ್ಗಡೆಯವರು ಹಾಗೂ ಡಾ.ಹೇಮಾವತಿ ವಿ ಹೆಗ್ಗಡೆಯವರ ಜ್ಞಾನ ವಿಕಾಸ ಕಾರ್ಯಕ್ರಮದ ವಾತ್ಸಲ್ಯ ಸದಸ್ಯರಿಗೆ ವಾತ್ಸಲ್ಯ ಮನೆ ರಚನೆ ಮಾಡಲು ಅವಕಾಶ ಕಲ್ಪಿಸಿಕೊಡುತ್ತಿದ್ದು ಯೋಜನಾಧಿಕಾರಿಗಳಾದ ರಾಮಚಂದ್ರ ಡಿ ಅವರು ಗುದ್ದಲಿ ಪೂಜೆ ಮಾಡುವುದರ ಮೂಲಕ ಮನೆ ರಚನೆ ಮಾಡಲು ಚಾಲನೆ ನೀಡಿದರು.

ಯೋಜನಾಧಿಕಾರಿಗಳಾದ ರಾಮಚಂದ್ರ ಅವರು ಮಾತನಾಡಿ ಚಿಕ್ಕನಾಯಕನಹಳ್ಳಿ -2 ತಾಲೋಕಿನಲ್ಲಿ 86 ಸದಸ್ಯರಿಗೆ ಪ್ರತಿ ತಿಂಗಳು

1000 ಮಾಶಾಸನ ಬರುತ್ತಿದ್ದು ಅಂತಹ ಸದಸ್ಯರಿಗೆ ಮನೆಯ ಅವಶ್ಯಕತೆ ಇದ್ದರೆ ವಾತ್ಸಲ್ಯ ಮನೆ ನಿರ್ಮಾಣ ಮಾಡಿಕೊಡುತ್ತಿದ್ದು ತಾಲೋಕಿನಲ್ಲಿ ಇದು 3 ನೇ ಮನೆಯಾಗಿದೆ ಎಂದು ತಿಳಿಸಿದರು.

ಕಾರ್ಯಕ್ರಮದಲ್ಲಿ ಗ್ರಾಮ ಪಂಚಾಯತಿಯಾ ಅಧ್ಯಕ್ಷರಾದ ರಾಜಣ್ಣ, ಪಂಚಾಯತಿ ಸದಸ್ಯರಾದ ದಯಾನಂದ್ ಮೇಸ್ತ್ರಿ ಚಂದ್ರಯ್ಯ (ದಿಲೀಪ್), ವಲಯದ ಮೇಲ್ವಿಚಾರಕರಾದ ಹರೀಶ್, ಜ್ಞಾನ ವಿಕಾಸ ಸಮನ್ವಯ ಅಧಿಕಾರಿ ಸುನಿತಾ, ಸೇವಾಪ್ರತಿನಿಧಿ ವೇದಮೂರ್ತಿ, ಸಲ್ಮಾನ್, ಸಂಘದ ಸದಸ್ಯರು ಹಾಗೂ ಗ್ರಾಮಸ್ಥರು ಹಾಜರಿದ್ದರು.
